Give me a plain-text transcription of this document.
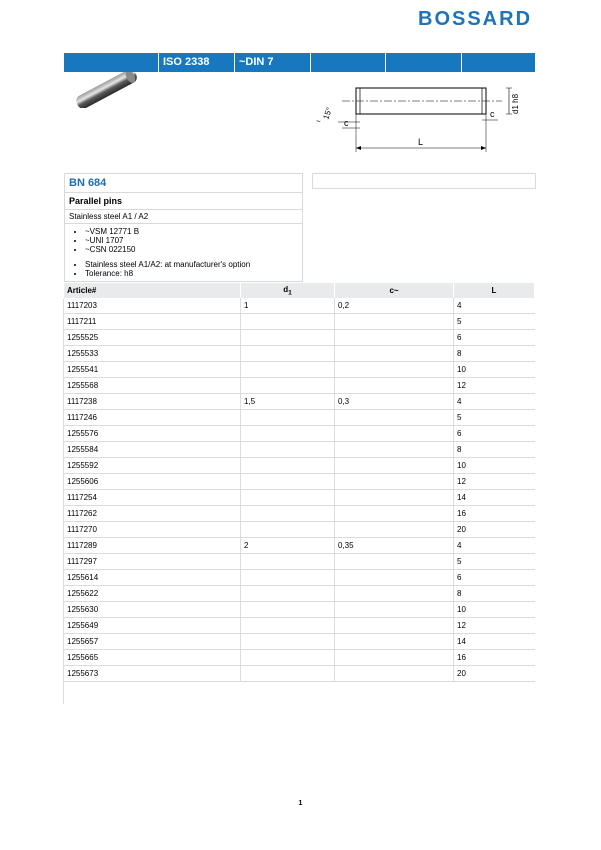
BOSSARD
ISO 2338	~DIN 7
d1 h8
L
c
c
15°
~
BN 684
Parallel pins
Stainless steel A1 / A2
• ~VSM 12771 B
• ~UNI 1707
• ~CSN 022150
• Stainless steel A1/A2: at manufacturer's option
• Tolerance: h8
Article#	$d_1$	c~	L
1117203	1	0,2	4
1117211			5
1255525			6
1255533			8
1255541			10
1255568			12
1117238	1,5	0,3	4
1117246			5
1255576			6
1255584			8
1255592			10
1255606			12
1117254			14
1117262			16
1117270			20
1117289	2	0,35	4
1117297			5
1255614			6
1255622			8
1255630			10
1255649			12
1255657			14
1255665			16
1255673			20
1
